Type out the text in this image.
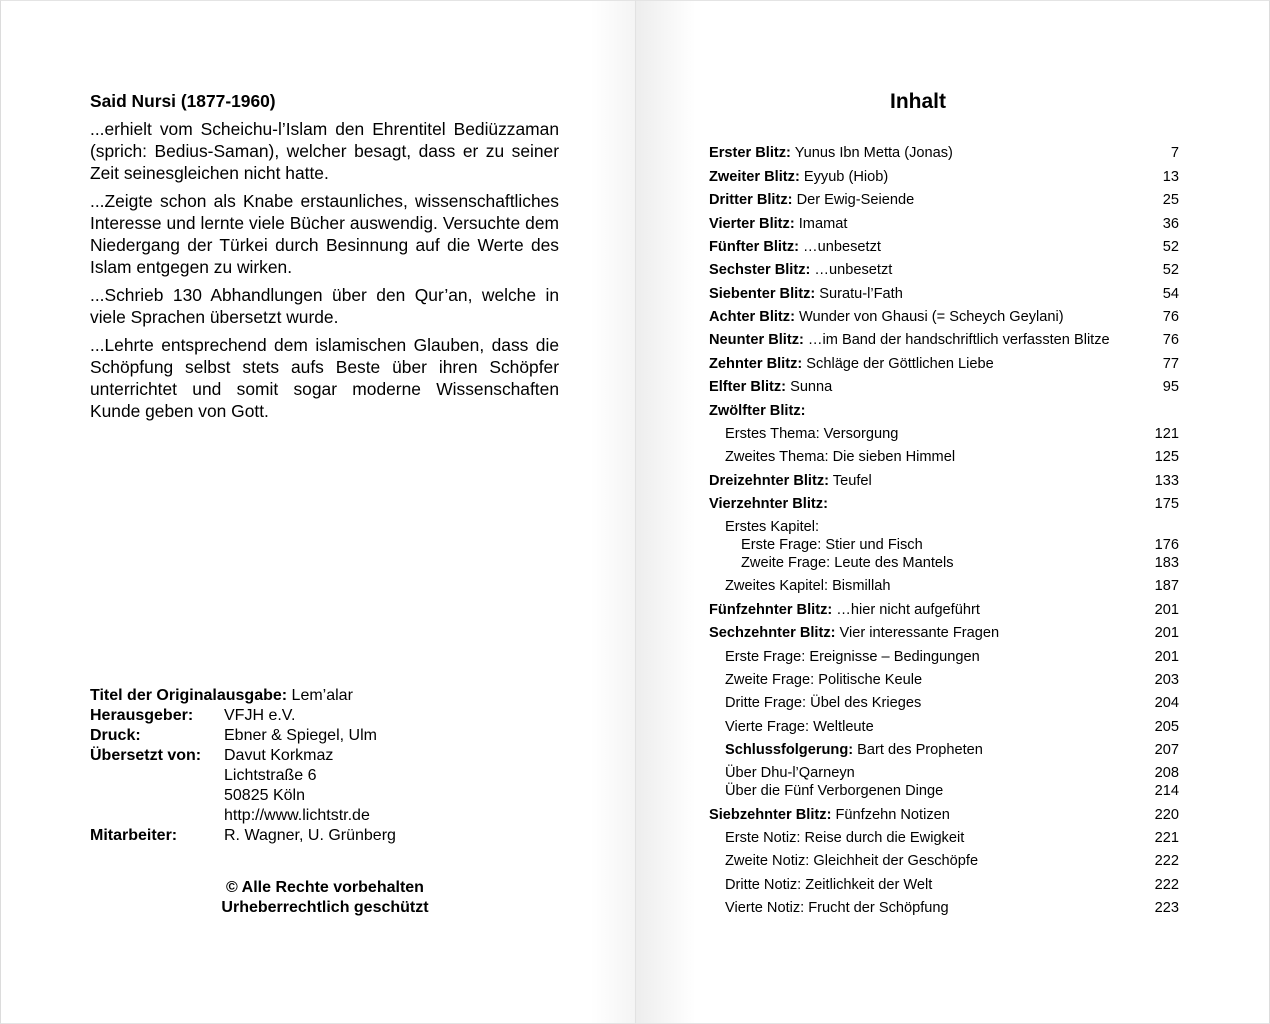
Said Nursi (1877-1960)

...erhielt vom Scheichu-l’Islam den Ehrentitel Bediüzzaman (sprich: Bedius-Saman), welcher besagt, dass er zu seiner Zeit seinesgleichen nicht hatte.

...Zeigte schon als Knabe erstaunliches, wissenschaftliches Interesse und lernte viele Bücher auswendig. Versuchte dem Niedergang der Türkei durch Besinnung auf die Werte des Islam entgegen zu wirken.

...Schrieb 130 Abhandlungen über den Qur’an, welche in viele Sprachen übersetzt wurde.

...Lehrte entsprechend dem islamischen Glauben, dass die Schöpfung selbst stets aufs Beste über ihren Schöpfer unterrichtet und somit sogar moderne Wissenschaften Kunde geben von Gott.

Titel der Originalausgabe: Lem’alar
Herausgeber:	VFJH e.V.
Druck:	Ebner & Spiegel, Ulm
Übersetzt von:	Davut Korkmaz
Lichtstraße 6
50825 Köln
http://www.lichtstr.de
Mitarbeiter:	R. Wagner, U. Grünberg
© Alle Rechte vorbehalten
Urheberrechtlich geschützt
Inhalt
Erster Blitz: Yunus Ibn Metta (Jonas)	7
Zweiter Blitz: Eyyub (Hiob)	13
Dritter Blitz: Der Ewig-Seiende	25
Vierter Blitz: Imamat	36
Fünfter Blitz: …unbesetzt	52
Sechster Blitz: …unbesetzt	52
Siebenter Blitz: Suratu-l’Fath	54
Achter Blitz: Wunder von Ghausi (= Scheych Geylani)	76
Neunter Blitz: …im Band der handschriftlich verfassten Blitze	76
Zehnter Blitz: Schläge der Göttlichen Liebe	77
Elfter Blitz: Sunna	95
Zwölfter Blitz:
Erstes Thema: Versorgung	121
Zweites Thema: Die sieben Himmel	125
Dreizehnter Blitz: Teufel	133
Vierzehnter Blitz:	175
Erstes Kapitel:
Erste Frage: Stier und Fisch	176
Zweite Frage: Leute des Mantels	183
Zweites Kapitel: Bismillah	187
Fünfzehnter Blitz: …hier nicht aufgeführt	201
Sechzehnter Blitz: Vier interessante Fragen	201
Erste Frage: Ereignisse – Bedingungen	201
Zweite Frage: Politische Keule	203
Dritte Frage: Übel des Krieges	204
Vierte Frage: Weltleute	205
Schlussfolgerung: Bart des Propheten	207
Über Dhu-l’Qarneyn	208
Über die Fünf Verborgenen Dinge	214
Siebzehnter Blitz: Fünfzehn Notizen	220
Erste Notiz: Reise durch die Ewigkeit	221
Zweite Notiz: Gleichheit der Geschöpfe	222
Dritte Notiz: Zeitlichkeit der Welt	222
Vierte Notiz: Frucht der Schöpfung	223
